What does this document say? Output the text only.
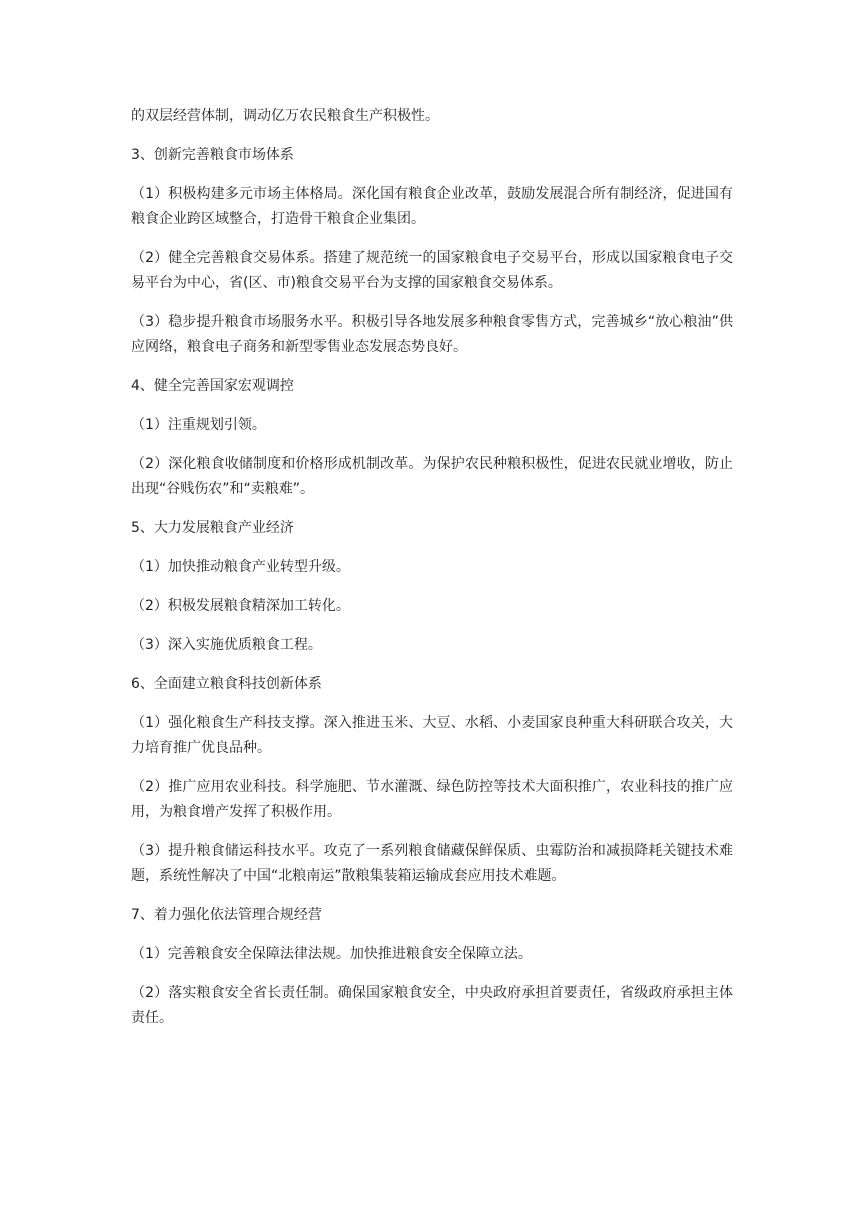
的双层经营体制，调动亿万农民粮食生产积极性。

3、创新完善粮食市场体系

（1）积极构建多元市场主体格局。深化国有粮食企业改革，鼓励发展混合所有制经济，促进国有粮食企业跨区域整合，打造骨干粮食企业集团。

（2）健全完善粮食交易体系。搭建了规范统一的国家粮食电子交易平台，形成以国家粮食电子交易平台为中心，省(区、市)粮食交易平台为支撑的国家粮食交易体系。

（3）稳步提升粮食市场服务水平。积极引导各地发展多种粮食零售方式，完善城乡“放心粮油”供应网络，粮食电子商务和新型零售业态发展态势良好。

4、健全完善国家宏观调控

（1）注重规划引领。

（2）深化粮食收储制度和价格形成机制改革。为保护农民种粮积极性，促进农民就业增收，防止出现“谷贱伤农”和“卖粮难”。

5、大力发展粮食产业经济

（1）加快推动粮食产业转型升级。

（2）积极发展粮食精深加工转化。

（3）深入实施优质粮食工程。

6、全面建立粮食科技创新体系

（1）强化粮食生产科技支撑。深入推进玉米、大豆、水稻、小麦国家良种重大科研联合攻关，大力培育推广优良品种。

（2）推广应用农业科技。科学施肥、节水灌溉、绿色防控等技术大面积推广，农业科技的推广应用，为粮食增产发挥了积极作用。

（3）提升粮食储运科技水平。攻克了一系列粮食储藏保鲜保质、虫霉防治和减损降耗关键技术难题，系统性解决了中国“北粮南运”散粮集装箱运输成套应用技术难题。

7、着力强化依法管理合规经营

（1）完善粮食安全保障法律法规。加快推进粮食安全保障立法。

（2）落实粮食安全省长责任制。确保国家粮食安全，中央政府承担首要责任，省级政府承担主体责任。
